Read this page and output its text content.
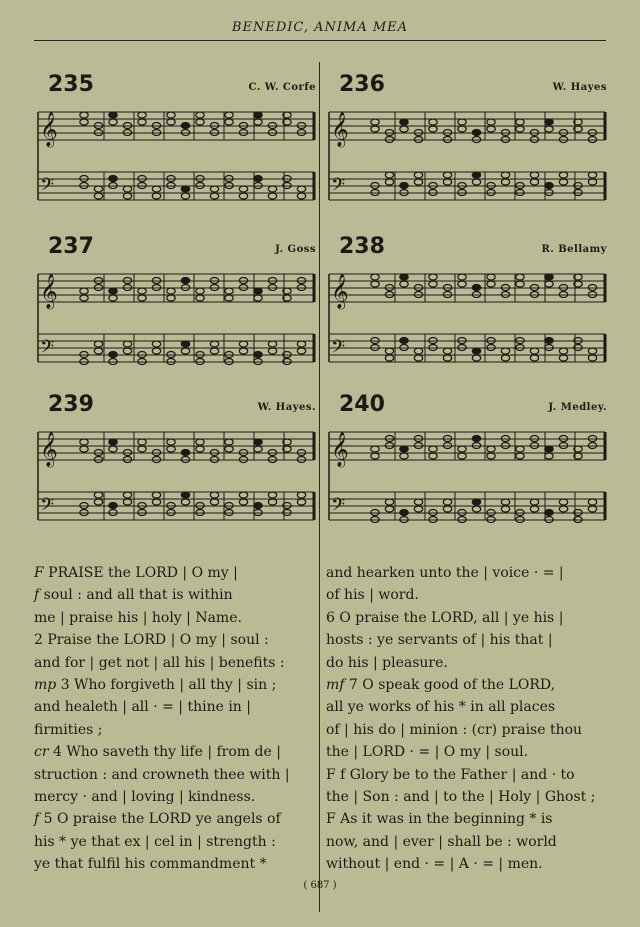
BENEDIC, ANIMA MEA
235	C. W. Corfe
𝄞
𝄢
236	W. Hayes
𝄞
𝄢
237	J. Goss
𝄞
𝄢
238	R. Bellamy
𝄞
𝄢
239	W. Hayes.
𝄞
𝄢
240	J. Medley.
𝄞
𝄢
F PRAISE the LORD | O my |
f soul : and all that is within
me | praise his | holy | Name.
2 Praise the LORD | O my | soul :
and for | get not | all his | benefits :
mp 3 Who forgiveth | all thy | sin ;
and healeth | all · = | thine in |
firmities ;
cr 4 Who saveth thy life | from de |
struction : and crowneth thee with |
mercy · and | loving | kindness.
f 5 O praise the LORD ye angels of
his * ye that ex | cel in | strength :
ye that fulfil his commandment *
and hearken unto the | voice · = |
of his | word.
6 O praise the LORD, all | ye his |
hosts : ye servants of | his that |
do his | pleasure.
mf 7 O speak good of the LORD,
all ye works of his * in all places
of | his do | minion : (cr) praise thou
the | LORD · = | O my | soul.
F f Glory be to the Father | and · to
the | Son : and | to the | Holy | Ghost ;
F As it was in the beginning * is
now, and | ever | shall be : world
without | end · = | A · = | men.
( 687 )
